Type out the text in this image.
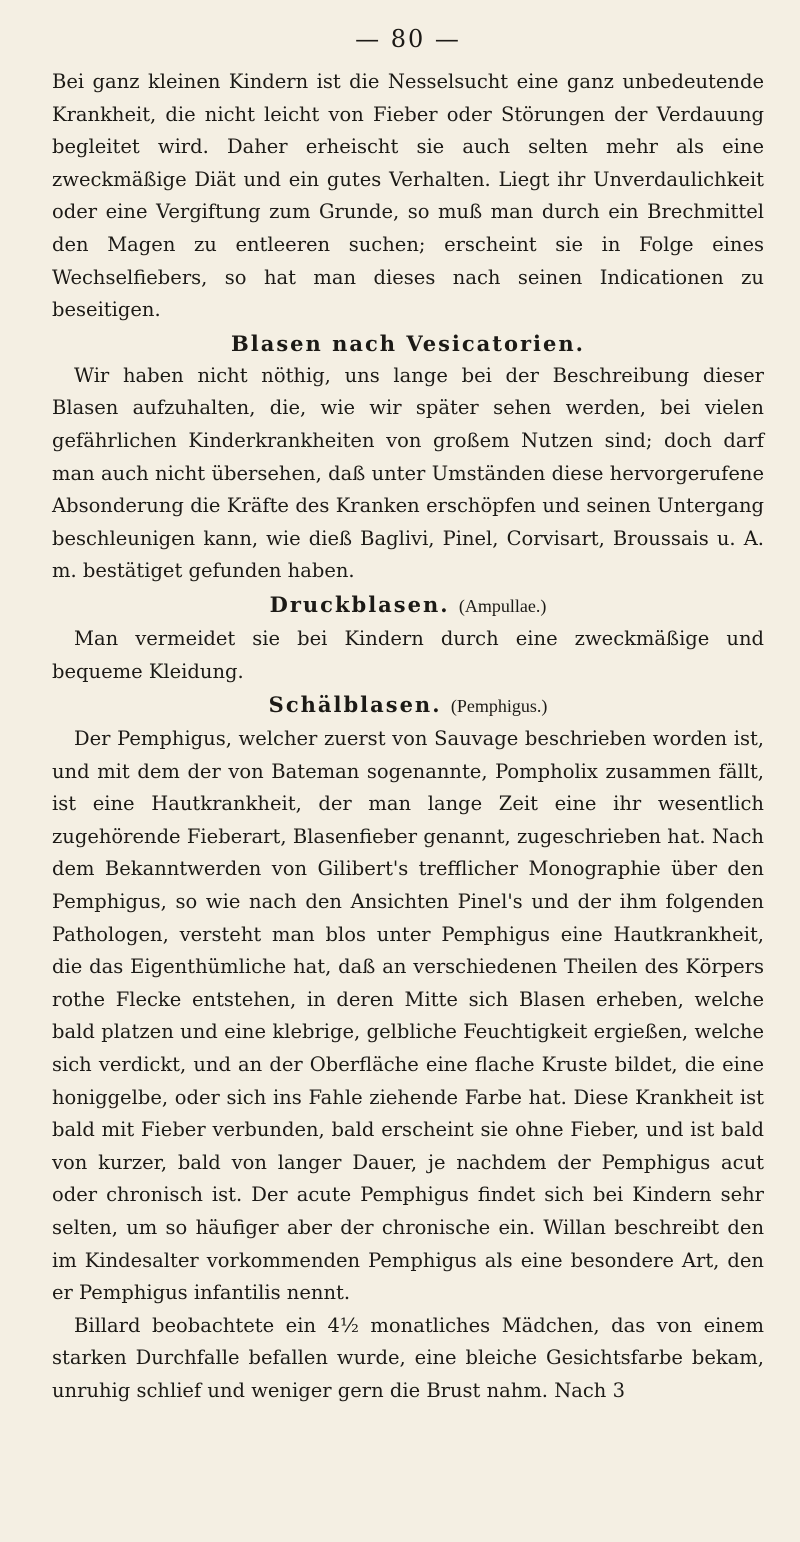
— 80 —

Bei ganz kleinen Kindern ist die Nesselsucht eine ganz unbedeutende Krankheit, die nicht leicht von Fieber oder Störungen der Verdauung begleitet wird. Daher erheischt sie auch selten mehr als eine zweckmäßige Diät und ein gutes Verhalten. Liegt ihr Unverdaulichkeit oder eine Vergiftung zum Grunde, so muß man durch ein Brechmittel den Magen zu entleeren suchen; erscheint sie in Folge eines Wechselfiebers, so hat man dieses nach seinen Indicationen zu beseitigen.

Blasen nach Vesicatorien.

Wir haben nicht nöthig, uns lange bei der Beschreibung dieser Blasen aufzuhalten, die, wie wir später sehen werden, bei vielen gefährlichen Kinderkrankheiten von großem Nutzen sind; doch darf man auch nicht übersehen, daß unter Umständen diese hervorgerufene Absonderung die Kräfte des Kranken erschöpfen und seinen Untergang beschleunigen kann, wie dieß Baglivi, Pinel, Corvisart, Broussais u. A. m. bestätiget gefunden haben.

Druckblasen. (Ampullae.)

Man vermeidet sie bei Kindern durch eine zweckmäßige und bequeme Kleidung.

Schälblasen. (Pemphigus.)

Der Pemphigus, welcher zuerst von Sauvage beschrieben worden ist, und mit dem der von Bateman sogenannte, Pompholix zusammen fällt, ist eine Hautkrankheit, der man lange Zeit eine ihr wesentlich zugehörende Fieberart, Blasenfieber genannt, zugeschrieben hat. Nach dem Bekanntwerden von Gilibert's trefflicher Monographie über den Pemphigus, so wie nach den Ansichten Pinel's und der ihm folgenden Pathologen, versteht man blos unter Pemphigus eine Hautkrankheit, die das Eigenthümliche hat, daß an verschiedenen Theilen des Körpers rothe Flecke entstehen, in deren Mitte sich Blasen erheben, welche bald platzen und eine klebrige, gelbliche Feuchtigkeit ergießen, welche sich verdickt, und an der Oberfläche eine flache Kruste bildet, die eine honiggelbe, oder sich ins Fahle ziehende Farbe hat. Diese Krankheit ist bald mit Fieber verbunden, bald erscheint sie ohne Fieber, und ist bald von kurzer, bald von langer Dauer, je nachdem der Pemphigus acut oder chronisch ist. Der acute Pemphigus findet sich bei Kindern sehr selten, um so häufiger aber der chronische ein. Willan beschreibt den im Kindesalter vorkommenden Pemphigus als eine besondere Art, den er Pemphigus infantilis nennt.

Billard beobachtete ein 4½ monatliches Mädchen, das von einem starken Durchfalle befallen wurde, eine bleiche Gesichtsfarbe bekam, unruhig schlief und weniger gern die Brust nahm. Nach 3
